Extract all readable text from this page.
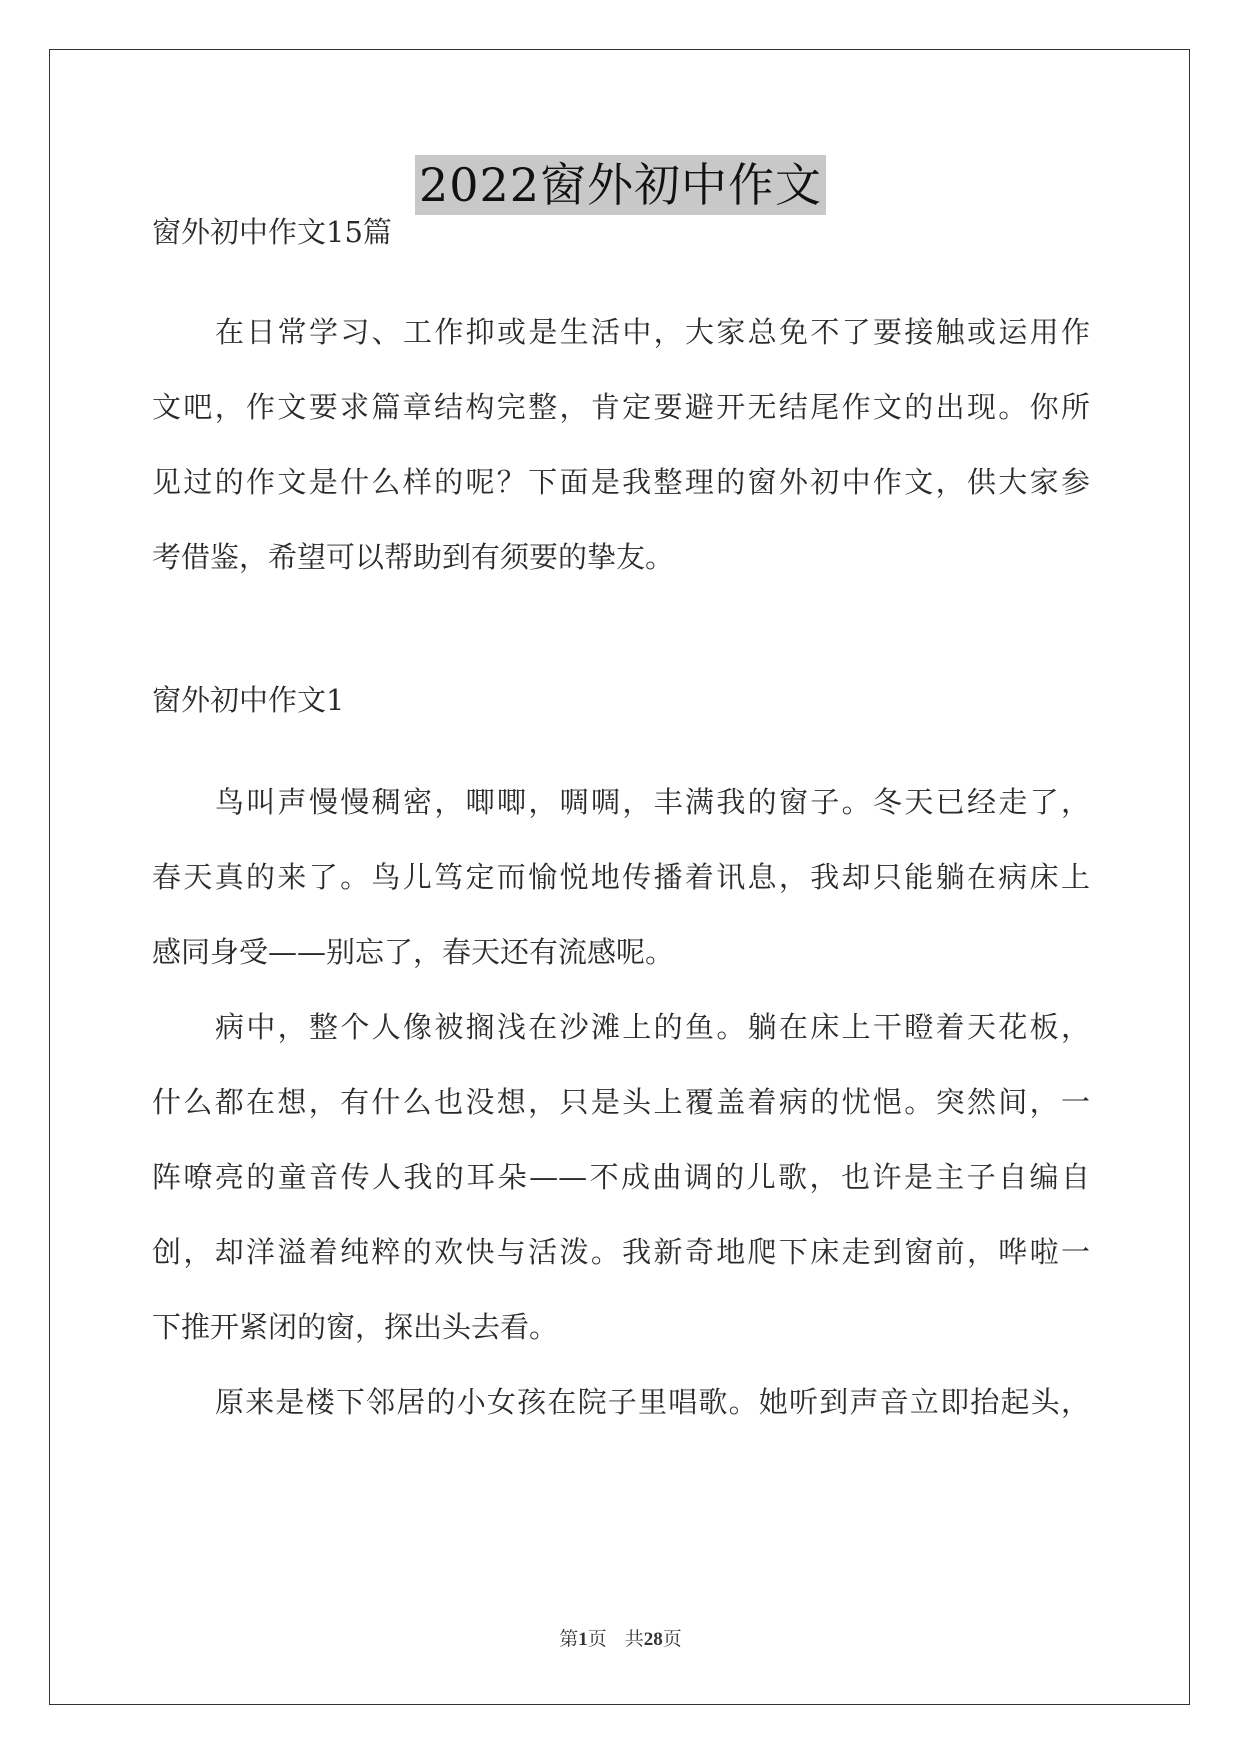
2022窗外初中作文
窗外初中作文15篇
在日常学习、工作抑或是生活中，大家总免不了要接触或运用作
文吧，作文要求篇章结构完整，肯定要避开无结尾作文的出现。你所
见过的作文是什么样的呢？下面是我整理的窗外初中作文，供大家参
考借鉴，希望可以帮助到有须要的挚友。
窗外初中作文1
鸟叫声慢慢稠密，唧唧，啁啁，丰满我的窗子。冬天已经走了，
春天真的来了。鸟儿笃定而愉悦地传播着讯息，我却只能躺在病床上
感同身受——别忘了，春天还有流感呢。
病中，整个人像被搁浅在沙滩上的鱼。躺在床上干瞪着天花板，
什么都在想，有什么也没想，只是头上覆盖着病的忧悒。突然间，一
阵嘹亮的童音传人我的耳朵——不成曲调的儿歌，也许是主子自编自
创，却洋溢着纯粹的欢快与活泼。我新奇地爬下床走到窗前，哗啦一
下推开紧闭的窗，探出头去看。
原来是楼下邻居的小女孩在院子里唱歌。她听到声音立即抬起头，
第1页 共28页
